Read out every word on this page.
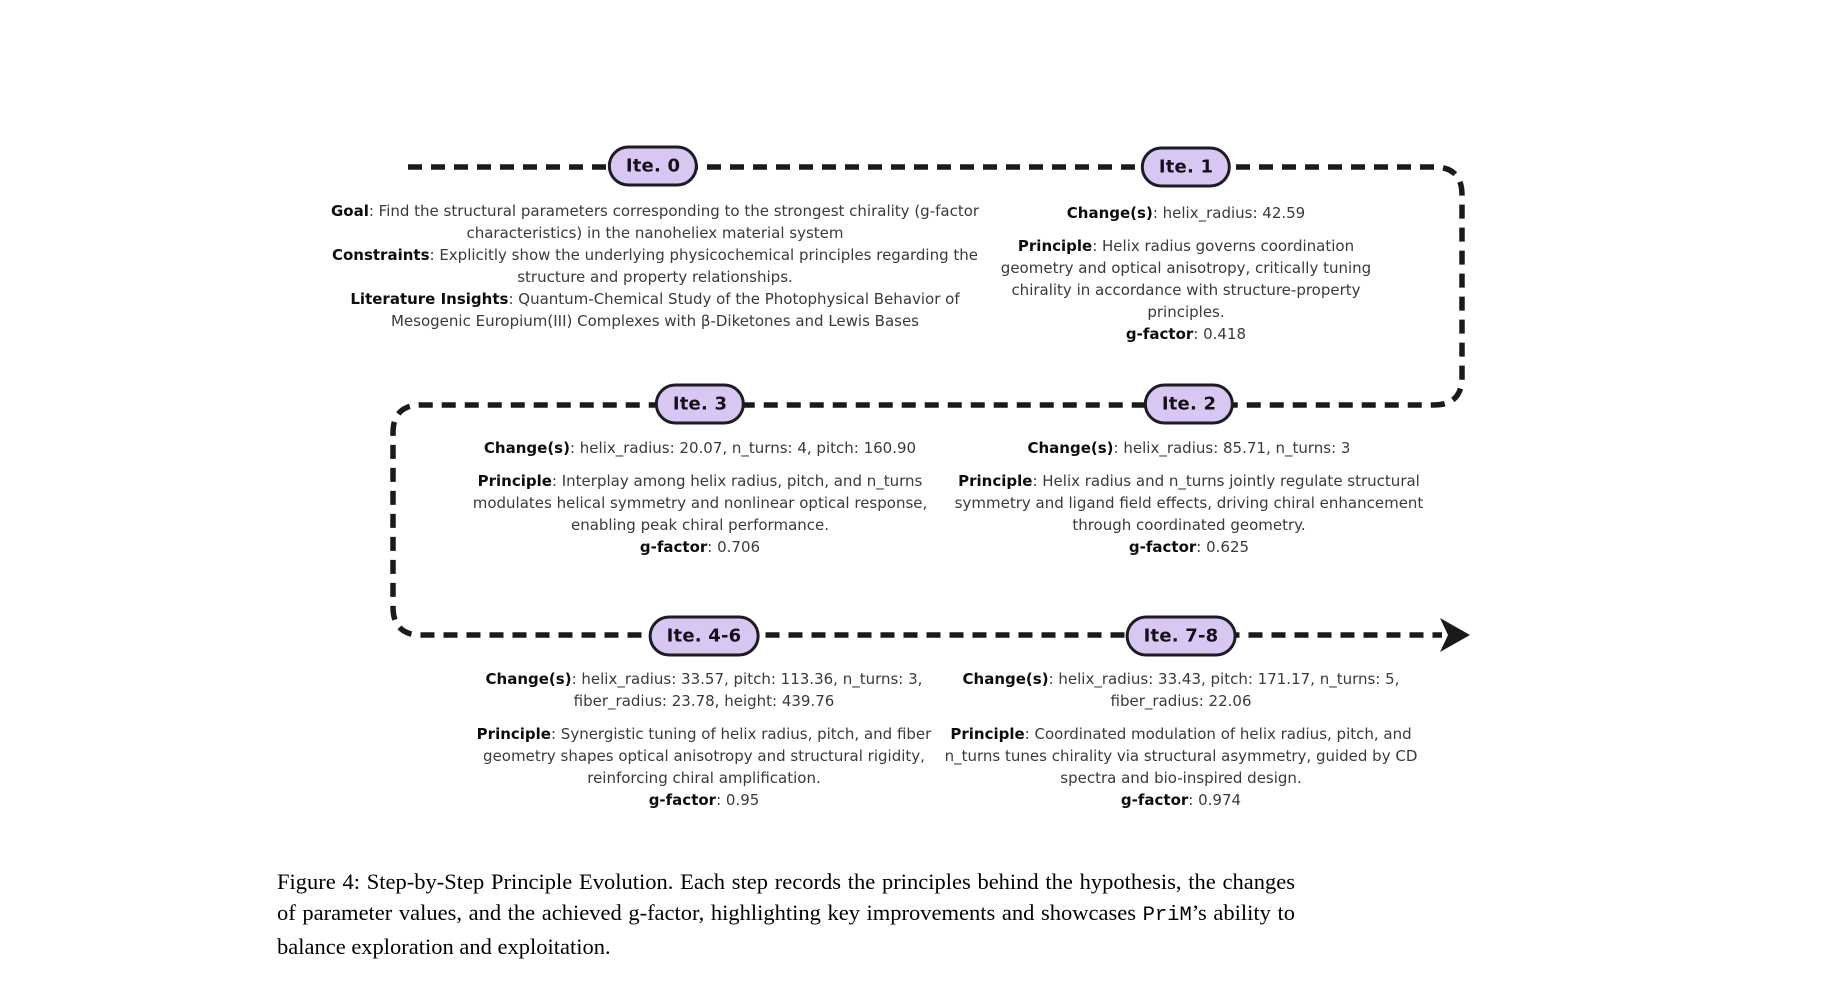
Ite. 0	Ite. 1
Ite. 3	Ite. 2
Ite. 4-6	Ite. 7-8

Goal : Find the structural parameters corresponding to the strongest chirality (g-factor characteristics) in the nanoheliex material system

Constraints : Explicitly show the underlying physicochemical principles regarding the structure and property relationships.

Literature Insights : Quantum-Chemical Study of the Photophysical Behavior of Mesogenic Europium(III) Complexes with β-Diketones and Lewis Bases

Change(s) : helix_radius: 42.59

Principle : Helix radius governs coordination geometry and optical anisotropy, critically tuning chirality in accordance with structure-property principles.

g-factor : 0.418

Change(s) : helix_radius: 20.07, n_turns: 4, pitch: 160.90

Principle : Interplay among helix radius, pitch, and n_turns modulates helical symmetry and nonlinear optical response, enabling peak chiral performance.

g-factor : 0.706

Change(s) : helix_radius: 85.71, n_turns: 3

Principle : Helix radius and n_turns jointly regulate structural symmetry and ligand field effects, driving chiral enhancement through coordinated geometry.

g-factor : 0.625

Change(s) : helix_radius: 33.57, pitch: 113.36, n_turns: 3, fiber_radius: 23.78, height: 439.76

Principle : Synergistic tuning of helix radius, pitch, and fiber geometry shapes optical anisotropy and structural rigidity, reinforcing chiral amplification.

g-factor : 0.95

Change(s) : helix_radius: 33.43, pitch: 171.17, n_turns: 5, fiber_radius: 22.06

Principle : Coordinated modulation of helix radius, pitch, and n_turns tunes chirality via structural asymmetry, guided by CD spectra and bio-inspired design.

g-factor : 0.974

Figure 4: Step-by-Step Principle Evolution. Each step records the principles behind the hypothesis, the changes of parameter values, and the achieved g-factor, highlighting key improvements and showcases PriM’s ability to balance exploration and exploitation.
